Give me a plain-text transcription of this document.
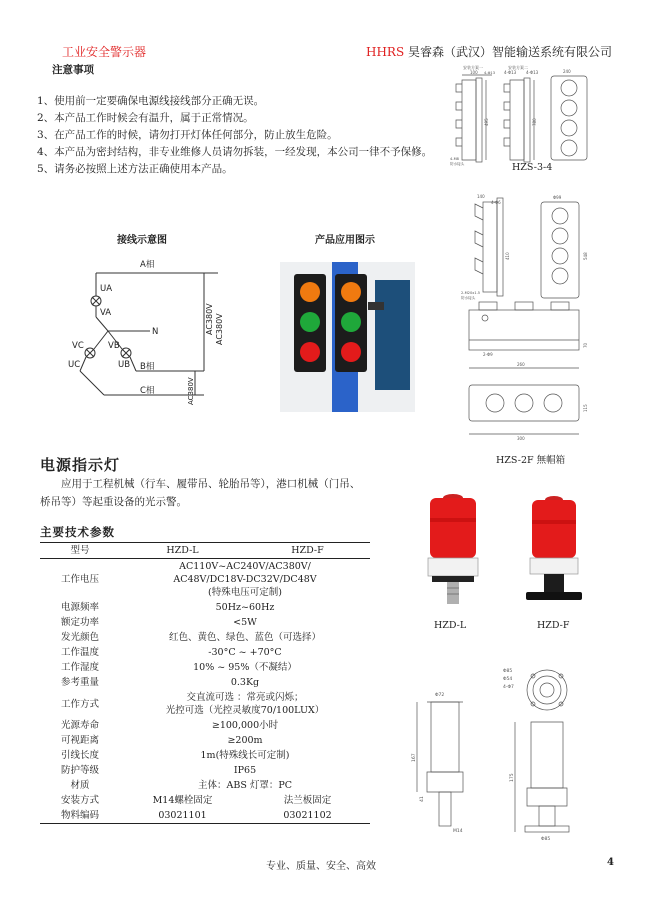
工业安全警示器	HHRS 昊睿森（武汉）智能输送系统有限公司
注意事项
1、使用前一定要确保电源线接线部分正确无误。
2、本产品工作时候会有温升，属于正常情况。
3、在产品工作的时候，请勿打开灯体任何部分，防止放生危险。
4、本产品为密封结构，非专业维修人员请勿拆装，一经发现，本公司一律不予保修。
5、请务必按照上述方法正确使用本产品。
安装方案一	安装方案二
100	4-Φ13 4-Φ13	240
495	780
4-M8
防水接头
4-Φ13
HZS-3-4
接线示意图
A相
UA
VA
N
VC	VB
UC	UB B相
C相
AC380V AC380V
AC380V
产品应用图示
140
4-Φ6
Φ99
410	548
2-M20x1.5
防水接头
2-Φ9
260
70
115
300
HZS-2F 無帽箱
电源指示灯
应用于工程机械（行车、履带吊、轮胎吊等），港口机械（门吊、桥吊等）等起重设备的光示警。
主要技术参数
型号	HZD-L	HZD-F
工作电压	AC110V~AC240V/AC380V/
AC48V/DC18V-DC32V/DC48V
(特殊电压可定制)	
电源频率	50Hz~60Hz	
额定功率	<5W	
发光颜色	红色、黄色、绿色、蓝色（可选择）	
工作温度	-30°C ~ +70°C	
工作湿度	10% ~ 95%（不凝结）	
参考重量	0.3Kg	
工作方式	交直流可选 ：常亮或闪烁；
光控可选（光控灵敏度70/100LUX）	
光源寿命	≥100,000小时	
可视距离	≥200m	
引线长度	1m(特殊线长可定制)	
防护等级	IP65	
材质	主体：ABS 灯罩：PC	
安装方式	M14螺栓固定	法兰板固定
物料编码	03021101	03021102
HZD-L	HZD-F
Φ72
Φ85
Φ54
4-Φ7
167
41
175
M14
Φ85
专业、质量、安全、高效	4
